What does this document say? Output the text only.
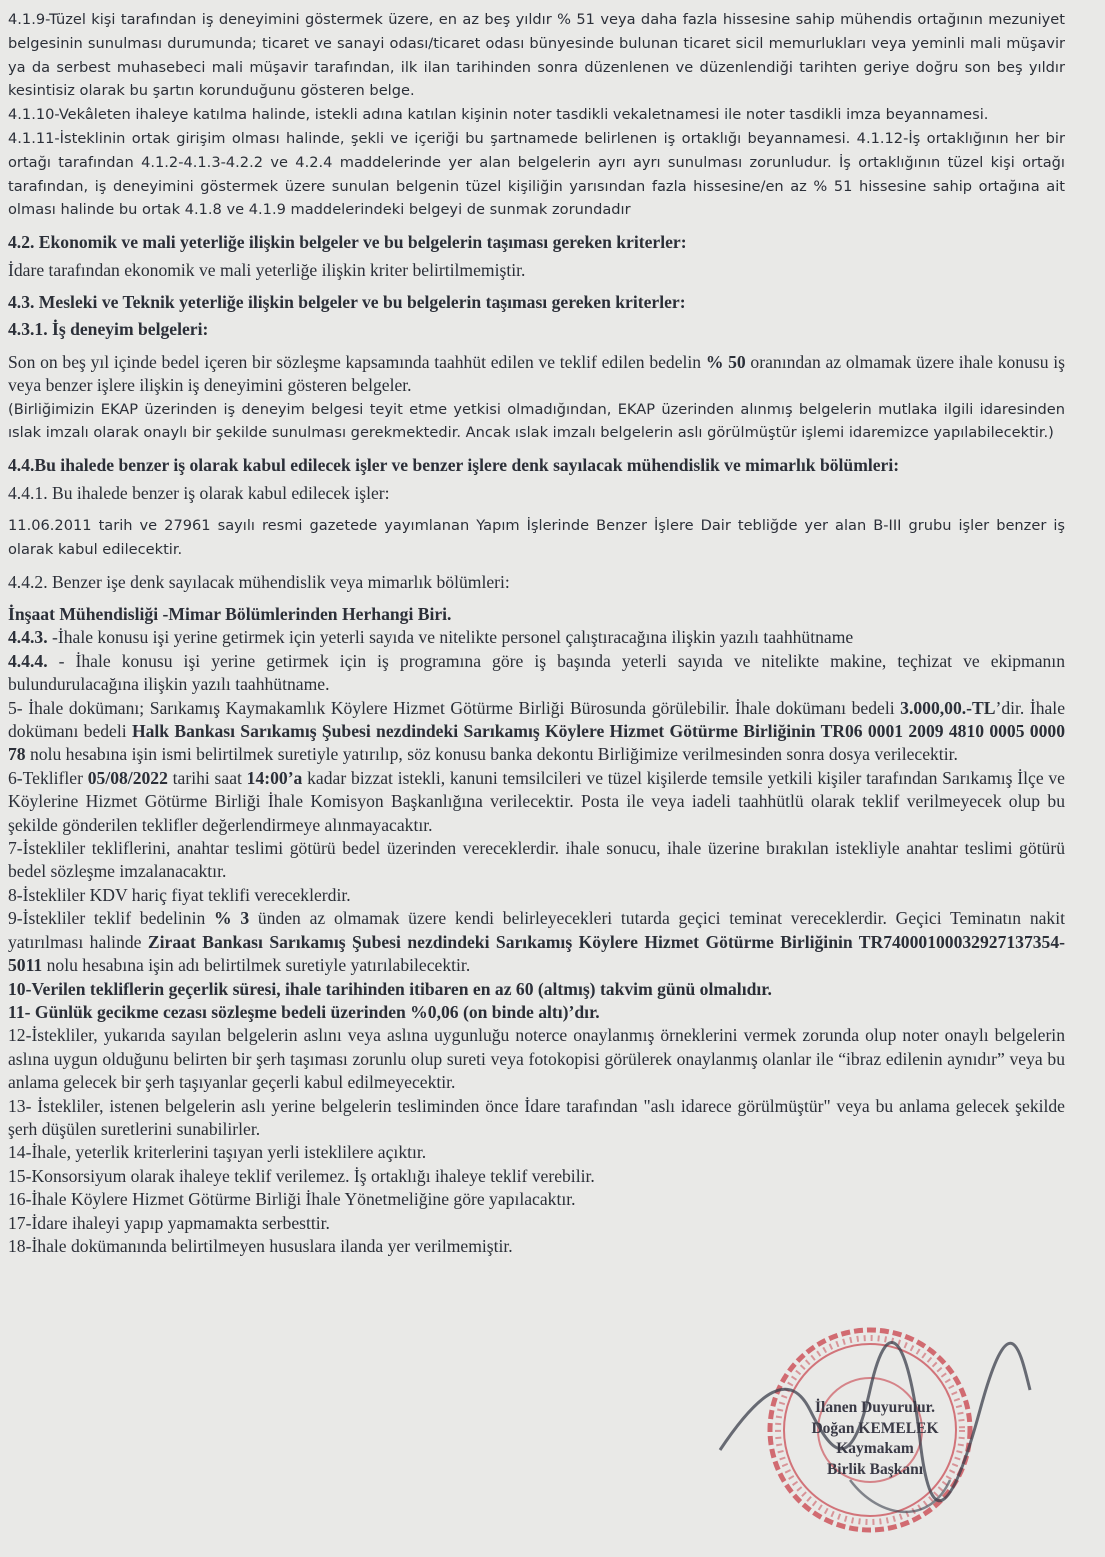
4.1.9-Tüzel kişi tarafından iş deneyimini göstermek üzere, en az beş yıldır % 51 veya daha fazla hissesine sahip mühendis ortağının mezuniyet belgesinin sunulması durumunda; ticaret ve sanayi odası/ticaret odası bünyesinde bulunan ticaret sicil memurlukları veya yeminli mali müşavir ya da serbest muhasebeci mali müşavir tarafından, ilk ilan tarihinden sonra düzenlenen ve düzenlendiği tarihten geriye doğru son beş yıldır kesintisiz olarak bu şartın korunduğunu gösteren belge.

4.1.10-Vekâleten ihaleye katılma halinde, istekli adına katılan kişinin noter tasdikli vekaletnamesi ile noter tasdikli imza beyannamesi.

4.1.11-İsteklinin ortak girişim olması halinde, şekli ve içeriği bu şartnamede belirlenen iş ortaklığı beyannamesi. 4.1.12-İş ortaklığının her bir ortağı tarafından 4.1.2-4.1.3-4.2.2 ve 4.2.4 maddelerinde yer alan belgelerin ayrı ayrı sunulması zorunludur. İş ortaklığının tüzel kişi ortağı tarafından, iş deneyimini göstermek üzere sunulan belgenin tüzel kişiliğin yarısından fazla hissesine/en az % 51 hissesine sahip ortağına ait olması halinde bu ortak 4.1.8 ve 4.1.9 maddelerindeki belgeyi de sunmak zorundadır

4.2. Ekonomik ve mali yeterliğe ilişkin belgeler ve bu belgelerin taşıması gereken kriterler:

İdare tarafından ekonomik ve mali yeterliğe ilişkin kriter belirtilmemiştir.

4.3. Mesleki ve Teknik yeterliğe ilişkin belgeler ve bu belgelerin taşıması gereken kriterler:

4.3.1. İş deneyim belgeleri:

Son on beş yıl içinde bedel içeren bir sözleşme kapsamında taahhüt edilen ve teklif edilen bedelin % 50 oranından az olmamak üzere ihale konusu iş veya benzer işlere ilişkin iş deneyimini gösteren belgeler.

(Birliğimizin EKAP üzerinden iş deneyim belgesi teyit etme yetkisi olmadığından, EKAP üzerinden alınmış belgelerin mutlaka ilgili idaresinden ıslak imzalı olarak onaylı bir şekilde sunulması gerekmektedir. Ancak ıslak imzalı belgelerin aslı görülmüştür işlemi idaremizce yapılabilecektir.)

4.4.Bu ihalede benzer iş olarak kabul edilecek işler ve benzer işlere denk sayılacak mühendislik ve mimarlık bölümleri:

4.4.1. Bu ihalede benzer iş olarak kabul edilecek işler:

11.06.2011 tarih ve 27961 sayılı resmi gazetede yayımlanan Yapım İşlerinde Benzer İşlere Dair tebliğde yer alan B-III grubu işler benzer iş olarak kabul edilecektir.

4.4.2. Benzer işe denk sayılacak mühendislik veya mimarlık bölümleri:

İnşaat Mühendisliği -Mimar Bölümlerinden Herhangi Biri.

4.4.3. -İhale konusu işi yerine getirmek için yeterli sayıda ve nitelikte personel çalıştıracağına ilişkin yazılı taahhütname

4.4.4. - İhale konusu işi yerine getirmek için iş programına göre iş başında yeterli sayıda ve nitelikte makine, teçhizat ve ekipmanın bulundurulacağına ilişkin yazılı taahhütname.

5- İhale dokümanı; Sarıkamış Kaymakamlık Köylere Hizmet Götürme Birliği Bürosunda görülebilir. İhale dokümanı bedeli 3.000,00.-TL’dir. İhale dokümanı bedeli Halk Bankası Sarıkamış Şubesi nezdindeki Sarıkamış Köylere Hizmet Götürme Birliğinin TR06 0001 2009 4810 0005 0000 78 nolu hesabına işin ismi belirtilmek suretiyle yatırılıp, söz konusu banka dekontu Birliğimize verilmesinden sonra dosya verilecektir.

6-Teklifler 05/08/2022 tarihi saat 14:00’a kadar bizzat istekli, kanuni temsilcileri ve tüzel kişilerde temsile yetkili kişiler tarafından Sarıkamış İlçe ve Köylerine Hizmet Götürme Birliği İhale Komisyon Başkanlığına verilecektir. Posta ile veya iadeli taahhütlü olarak teklif verilmeyecek olup bu şekilde gönderilen teklifler değerlendirmeye alınmayacaktır.

7-İstekliler tekliflerini, anahtar teslimi götürü bedel üzerinden vereceklerdir. ihale sonucu, ihale üzerine bırakılan istekliyle anahtar teslimi götürü bedel sözleşme imzalanacaktır.

8-İstekliler KDV hariç fiyat teklifi vereceklerdir.

9-İstekliler teklif bedelinin % 3 ünden az olmamak üzere kendi belirleyecekleri tutarda geçici teminat vereceklerdir. Geçici Teminatın nakit yatırılması halinde Ziraat Bankası Sarıkamış Şubesi nezdindeki Sarıkamış Köylere Hizmet Götürme Birliğinin TR740001000329271373​54-5011 nolu hesabına işin adı belirtilmek suretiyle yatırılabilecektir.

10-Verilen tekliflerin geçerlik süresi, ihale tarihinden itibaren en az 60 (altmış) takvim günü olmalıdır.

11- Günlük gecikme cezası sözleşme bedeli üzerinden %0,06 (on binde altı)’dır.

12-İstekliler, yukarıda sayılan belgelerin aslını veya aslına uygunluğu noterce onaylanmış örneklerini vermek zorunda olup noter onaylı belgelerin aslına uygun olduğunu belirten bir şerh taşıması zorunlu olup sureti veya fotokopisi görülerek onaylanmış olanlar ile “ibraz edilenin aynıdır” veya bu anlama gelecek bir şerh taşıyanlar geçerli kabul edilmeyecektir.

13- İstekliler, istenen belgelerin aslı yerine belgelerin tesliminden önce İdare tarafından "aslı idarece görülmüştür" veya bu anlama gelecek şekilde şerh düşülen suretlerini sunabilirler.

14-İhale, yeterlik kriterlerini taşıyan yerli isteklilere açıktır.

15-Konsorsiyum olarak ihaleye teklif verilemez. İş ortaklığı ihaleye teklif verebilir.

16-İhale Köylere Hizmet Götürme Birliği İhale Yönetmeliğine göre yapılacaktır.

17-İdare ihaleyi yapıp yapmamakta serbesttir.

18-İhale dokümanında belirtilmeyen hususlara ilanda yer verilmemiştir.

İlanen Duyurulur.
Doğan KEMELEK
Kaymakam
Birlik Başkanı
